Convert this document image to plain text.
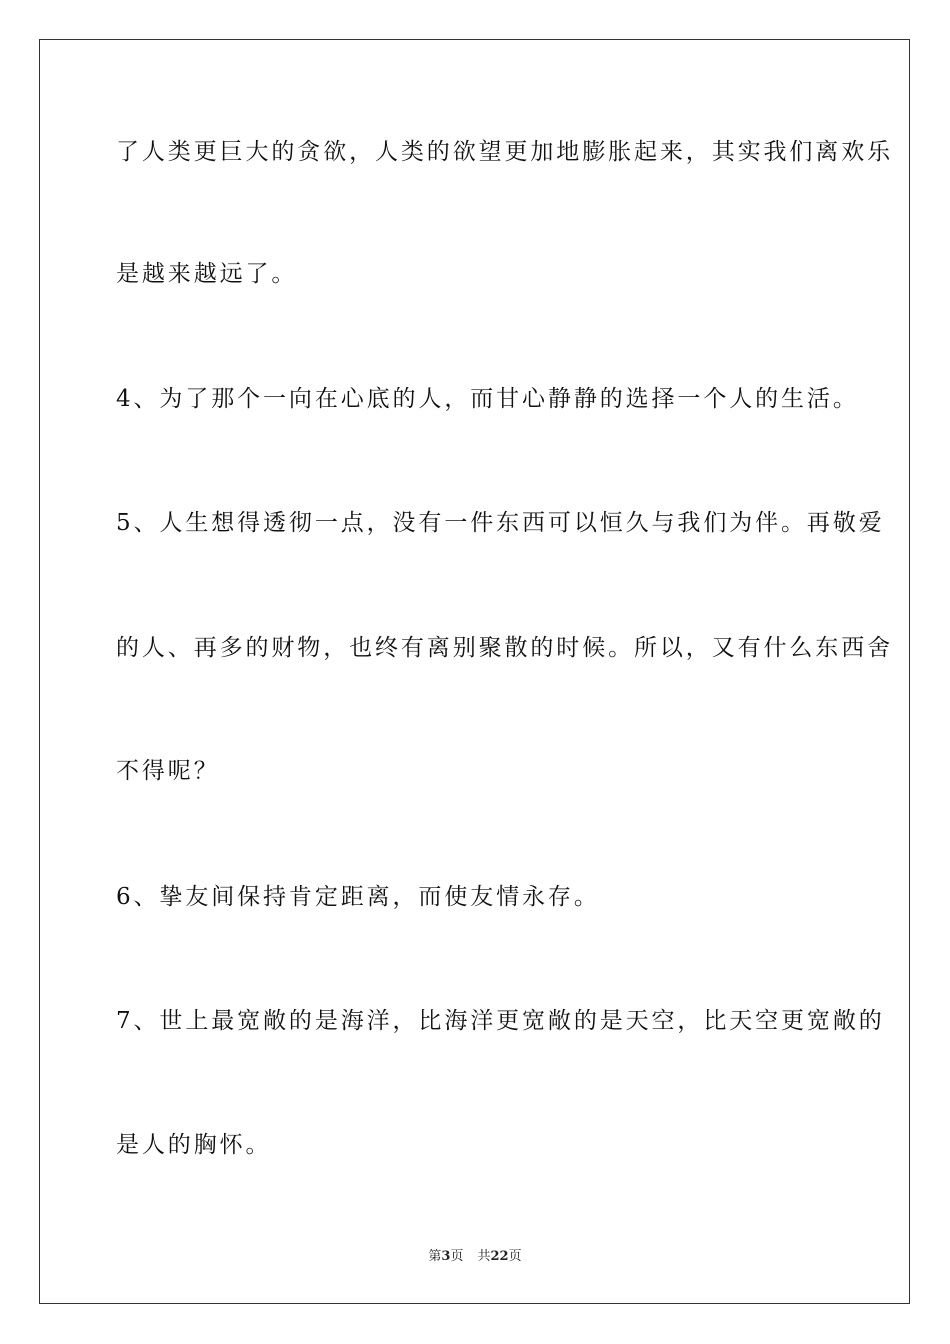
了人类更巨大的贪欲，人类的欲望更加地膨胀起来，其实我们离欢乐
是越来越远了。
4、为了那个一向在心底的人，而甘心静静的选择一个人的生活。
5、人生想得透彻一点，没有一件东西可以恒久与我们为伴。再敬爱
的人、再多的财物，也终有离别聚散的时候。所以，又有什么东西舍
不得呢？
6、挚友间保持肯定距离，而使友情永存。
7、世上最宽敞的是海洋，比海洋更宽敞的是天空，比天空更宽敞的
是人的胸怀。
第3页 共22页
